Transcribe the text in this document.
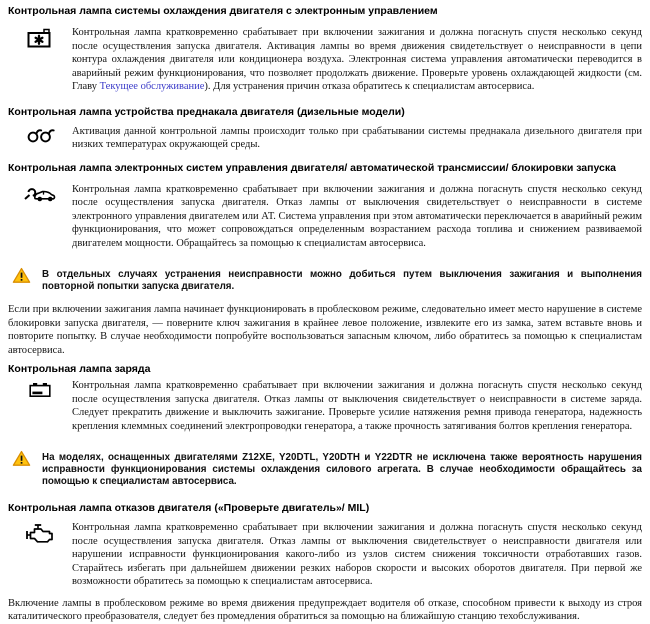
Контрольная лампа системы охлаждения двигателя с электронным управлением
Контрольная лампа кратковременно срабатывает при включении зажигания и должна погаснуть спустя несколько секунд после осуществления запуска двигателя. Активация лампы во время движения свидетельствует о неисправности в цепи контура охлаждения двигателя или кондиционера воздуха. Электронная система управления автоматически переводится в аварийный режим функционирования, что позволяет продолжать движение. Проверьте уровень охлаждающей жидкости (см. Главу Текущее обслуживание). Для устранения причин отказа обратитесь к специалистам автосервиса.
Контрольная лампа устройства преднакала двигателя (дизельные модели)
Активация данной контрольной лампы происходит только при срабатывании системы преднакала дизельного двигателя при низких температурах окружающей среды.
Контрольная лампа электронных систем управления двигателя/ автоматической трансмиссии/ блокировки запуска
Контрольная лампа кратковременно срабатывает при включении зажигания и должна погаснуть спустя несколько секунд после осуществления запуска двигателя. Отказ лампы от выключения свидетельствует о неисправности в системе электронного управления двигателем или АТ. Система управления при этом автоматически переключается в аварийный режим функционирования, что может сопровождаться определенным возрастанием расхода топлива и снижением развиваемой двигателем мощности. Обращайтесь за помощью к специалистам автосервиса.
В отдельных случаях устранения неисправности можно добиться путем выключения зажигания и выполнения повторной попытки запуска двигателя.
Если при включении зажигания лампа начинает функционировать в проблесковом режиме, следовательно имеет место нарушение в системе блокировки запуска двигателя, — поверните ключ зажигания в крайнее левое положение, извлеките его из замка, затем вставьте вновь и повторите попытку. В случае необходимости попробуйте воспользоваться запасным ключом, либо обратитесь за помощью к специалистам автосервиса.
Контрольная лампа заряда
Контрольная лампа кратковременно срабатывает при включении зажигания и должна погаснуть спустя несколько секунд после осуществления запуска двигателя. Отказ лампы от выключения свидетельствует о неисправности в системе заряда. Следует прекратить движение и выключить зажигание. Проверьте усилие натяжения ремня привода генератора, надежность крепления клеммных соединений электропроводки генератора, а также прочность затягивания болтов крепления генератора.
На моделях, оснащенных двигателями Z12XE, Y20DTL, Y20DTH и Y22DTR не исключена также вероятность нарушения исправности функционирования системы охлаждения силового агрегата. В случае необходимости обращайтесь за помощью к специалистам автосервиса.
Контрольная лампа отказов двигателя («Проверьте двигатель»/ MIL)
Контрольная лампа кратковременно срабатывает при включении зажигания и должна погаснуть спустя несколько секунд после осуществления запуска двигателя. Отказ лампы от выключения свидетельствует о неисправности двигателя или нарушении исправности функционирования какого-либо из узлов систем снижения токсичности отработавших газов. Старайтесь избегать при дальнейшем движении резких наборов скорости и высоких оборотов двигателя. При первой же возможности обратитесь за помощью к специалистам автосервиса.
Включение лампы в проблесковом режиме во время движения предупреждает водителя об отказе, способном привести к выходу из строя каталитического преобразователя, следует без промедления обратиться за помощью на ближайшую станцию техобслуживания.
